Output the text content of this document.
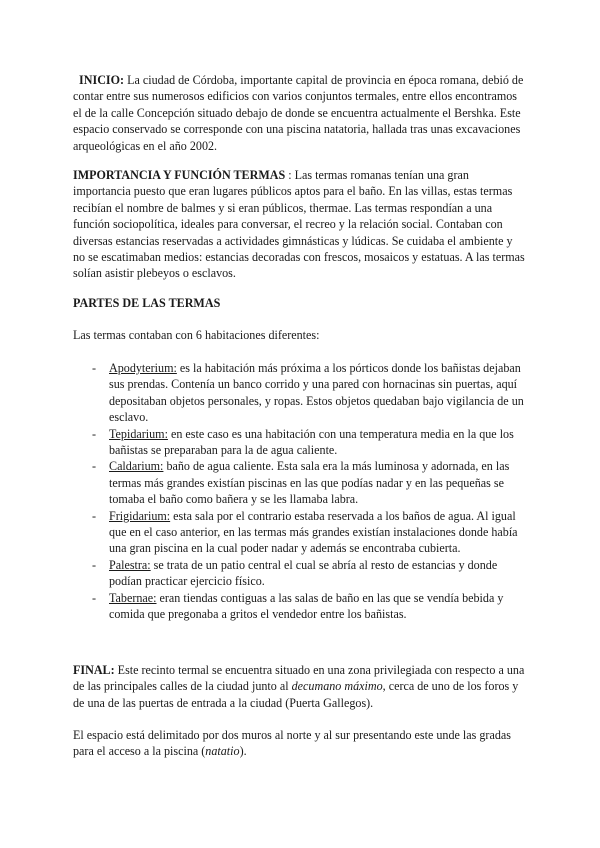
INICIO: La ciudad de Córdoba, importante capital de provincia en época romana, debió de contar entre sus numerosos edificios con varios conjuntos termales, entre ellos encontramos el de la calle Concepción situado debajo de donde se encuentra actualmente el Bershka. Este espacio conservado se corresponde con una piscina natatoria, hallada tras unas excavaciones arqueológicas en el año 2002.

IMPORTANCIA Y FUNCIÓN TERMAS : Las termas romanas tenían una gran importancia puesto que eran lugares públicos aptos para el baño. En las villas, estas termas recibían el nombre de balmes y si eran públicos, thermae. Las termas respondían a una función sociopolítica, ideales para conversar, el recreo y la relación social. Contaban con diversas estancias reservadas a actividades gimnásticas y lúdicas. Se cuidaba el ambiente y no se escatimaban medios: estancias decoradas con frescos, mosaicos y estatuas. A las termas solían asistir plebeyos o esclavos.

PARTES DE LAS TERMAS

Las termas contaban con 6 habitaciones diferentes:

- Apodyterium: es la habitación más próxima a los pórticos donde los bañistas dejaban sus prendas. Contenía un banco corrido y una pared con hornacinas sin puertas, aquí depositaban objetos personales, y ropas. Estos objetos quedaban bajo vigilancia de un esclavo.
- Tepidarium: en este caso es una habitación con una temperatura media en la que los bañistas se preparaban para la de agua caliente.
- Caldarium: baño de agua caliente. Esta sala era la más luminosa y adornada, en las termas más grandes existían piscinas en las que podías nadar y en las pequeñas se tomaba el baño como bañera y se les llamaba labra.
- Frigidarium: esta sala por el contrario estaba reservada a los baños de agua. Al igual que en el caso anterior, en las termas más grandes existían instalaciones donde había una gran piscina en la cual poder nadar y además se encontraba cubierta.
- Palestra: se trata de un patio central el cual se abría al resto de estancias y donde podían practicar ejercicio físico.
- Tabernae: eran tiendas contiguas a las salas de baño en las que se vendía bebida y comida que pregonaba a gritos el vendedor entre los bañistas.

FINAL: Este recinto termal se encuentra situado en una zona privilegiada con respecto a una de las principales calles de la ciudad junto al decumano máximo, cerca de uno de los foros y de una de las puertas de entrada a la ciudad (Puerta Gallegos).

El espacio está delimitado por dos muros al norte y al sur presentando este unde las gradas para el acceso a la piscina (natatio).
